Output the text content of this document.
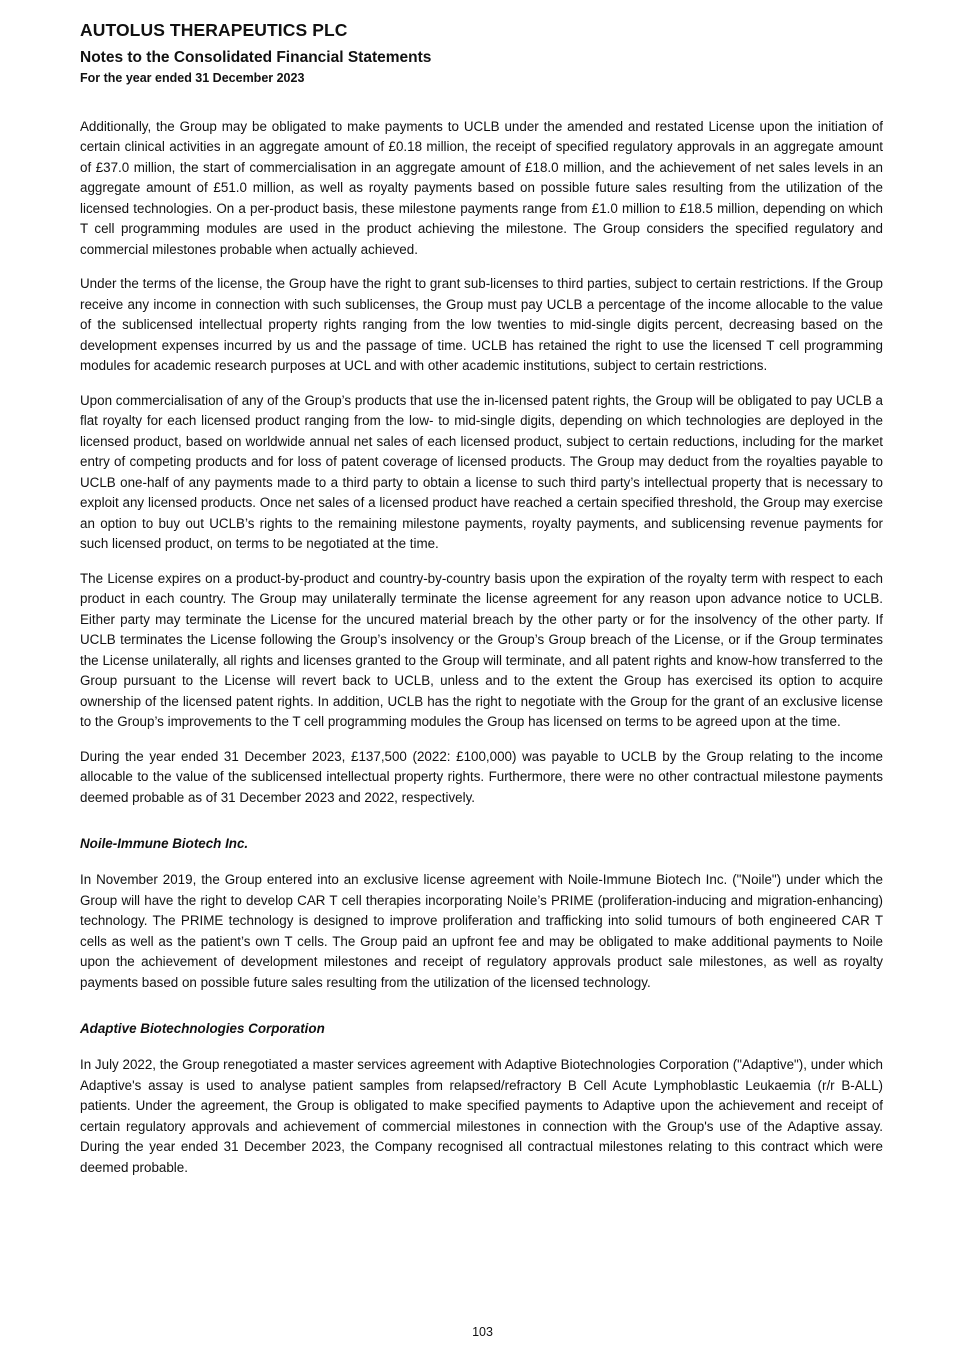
AUTOLUS THERAPEUTICS PLC
Notes to the Consolidated Financial Statements
For the year ended 31 December 2023

Additionally, the Group may be obligated to make payments to UCLB under the amended and restated License upon the initiation of certain clinical activities in an aggregate amount of £0.18 million, the receipt of specified regulatory approvals in an aggregate amount of £37.0 million, the start of commercialisation in an aggregate amount of £18.0 million, and the achievement of net sales levels in an aggregate amount of £51.0 million, as well as royalty payments based on possible future sales resulting from the utilization of the licensed technologies. On a per-product basis, these milestone payments range from £1.0 million to £18.5 million, depending on which T cell programming modules are used in the product achieving the milestone. The Group considers the specified regulatory and commercial milestones probable when actually achieved.

Under the terms of the license, the Group have the right to grant sub-licenses to third parties, subject to certain restrictions. If the Group receive any income in connection with such sublicenses, the Group must pay UCLB a percentage of the income allocable to the value of the sublicensed intellectual property rights ranging from the low twenties to mid-single digits percent, decreasing based on the development expenses incurred by us and the passage of time. UCLB has retained the right to use the licensed T cell programming modules for academic research purposes at UCL and with other academic institutions, subject to certain restrictions.

Upon commercialisation of any of the Group’s products that use the in-licensed patent rights, the Group will be obligated to pay UCLB a flat royalty for each licensed product ranging from the low- to mid-single digits, depending on which technologies are deployed in the licensed product, based on worldwide annual net sales of each licensed product, subject to certain reductions, including for the market entry of competing products and for loss of patent coverage of licensed products. The Group may deduct from the royalties payable to UCLB one-half of any payments made to a third party to obtain a license to such third party’s intellectual property that is necessary to exploit any licensed products. Once net sales of a licensed product have reached a certain specified threshold, the Group may exercise an option to buy out UCLB’s rights to the remaining milestone payments, royalty payments, and sublicensing revenue payments for such licensed product, on terms to be negotiated at the time.

The License expires on a product-by-product and country-by-country basis upon the expiration of the royalty term with respect to each product in each country. The Group may unilaterally terminate the license agreement for any reason upon advance notice to UCLB. Either party may terminate the License for the uncured material breach by the other party or for the insolvency of the other party. If UCLB terminates the License following the Group’s insolvency or the Group’s Group breach of the License, or if the Group terminates the License unilaterally, all rights and licenses granted to the Group will terminate, and all patent rights and know-how transferred to the Group pursuant to the License will revert back to UCLB, unless and to the extent the Group has exercised its option to acquire ownership of the licensed patent rights. In addition, UCLB has the right to negotiate with the Group for the grant of an exclusive license to the Group’s improvements to the T cell programming modules the Group has licensed on terms to be agreed upon at the time.

During the year ended 31 December 2023, £137,500 (2022: £100,000) was payable to UCLB by the Group relating to the income allocable to the value of the sublicensed intellectual property rights. Furthermore, there were no other contractual milestone payments deemed probable as of 31 December 2023 and 2022, respectively.

Noile-Immune Biotech Inc.

In November 2019, the Group entered into an exclusive license agreement with Noile-Immune Biotech Inc. ("Noile") under which the Group will have the right to develop CAR T cell therapies incorporating Noile’s PRIME (proliferation-inducing and migration-enhancing) technology. The PRIME technology is designed to improve proliferation and trafficking into solid tumours of both engineered CAR T cells as well as the patient’s own T cells. The Group paid an upfront fee and may be obligated to make additional payments to Noile upon the achievement of development milestones and receipt of regulatory approvals product sale milestones, as well as royalty payments based on possible future sales resulting from the utilization of the licensed technology.

Adaptive Biotechnologies Corporation

In July 2022, the Group renegotiated a master services agreement with Adaptive Biotechnologies Corporation ("Adaptive"), under which Adaptive's assay is used to analyse patient samples from relapsed/refractory B Cell Acute Lymphoblastic Leukaemia (r/r B-ALL) patients. Under the agreement, the Group is obligated to make specified payments to Adaptive upon the achievement and receipt of certain regulatory approvals and achievement of commercial milestones in connection with the Group's use of the Adaptive assay. During the year ended 31 December 2023, the Company recognised all contractual milestones relating to this contract which were deemed probable.

103
